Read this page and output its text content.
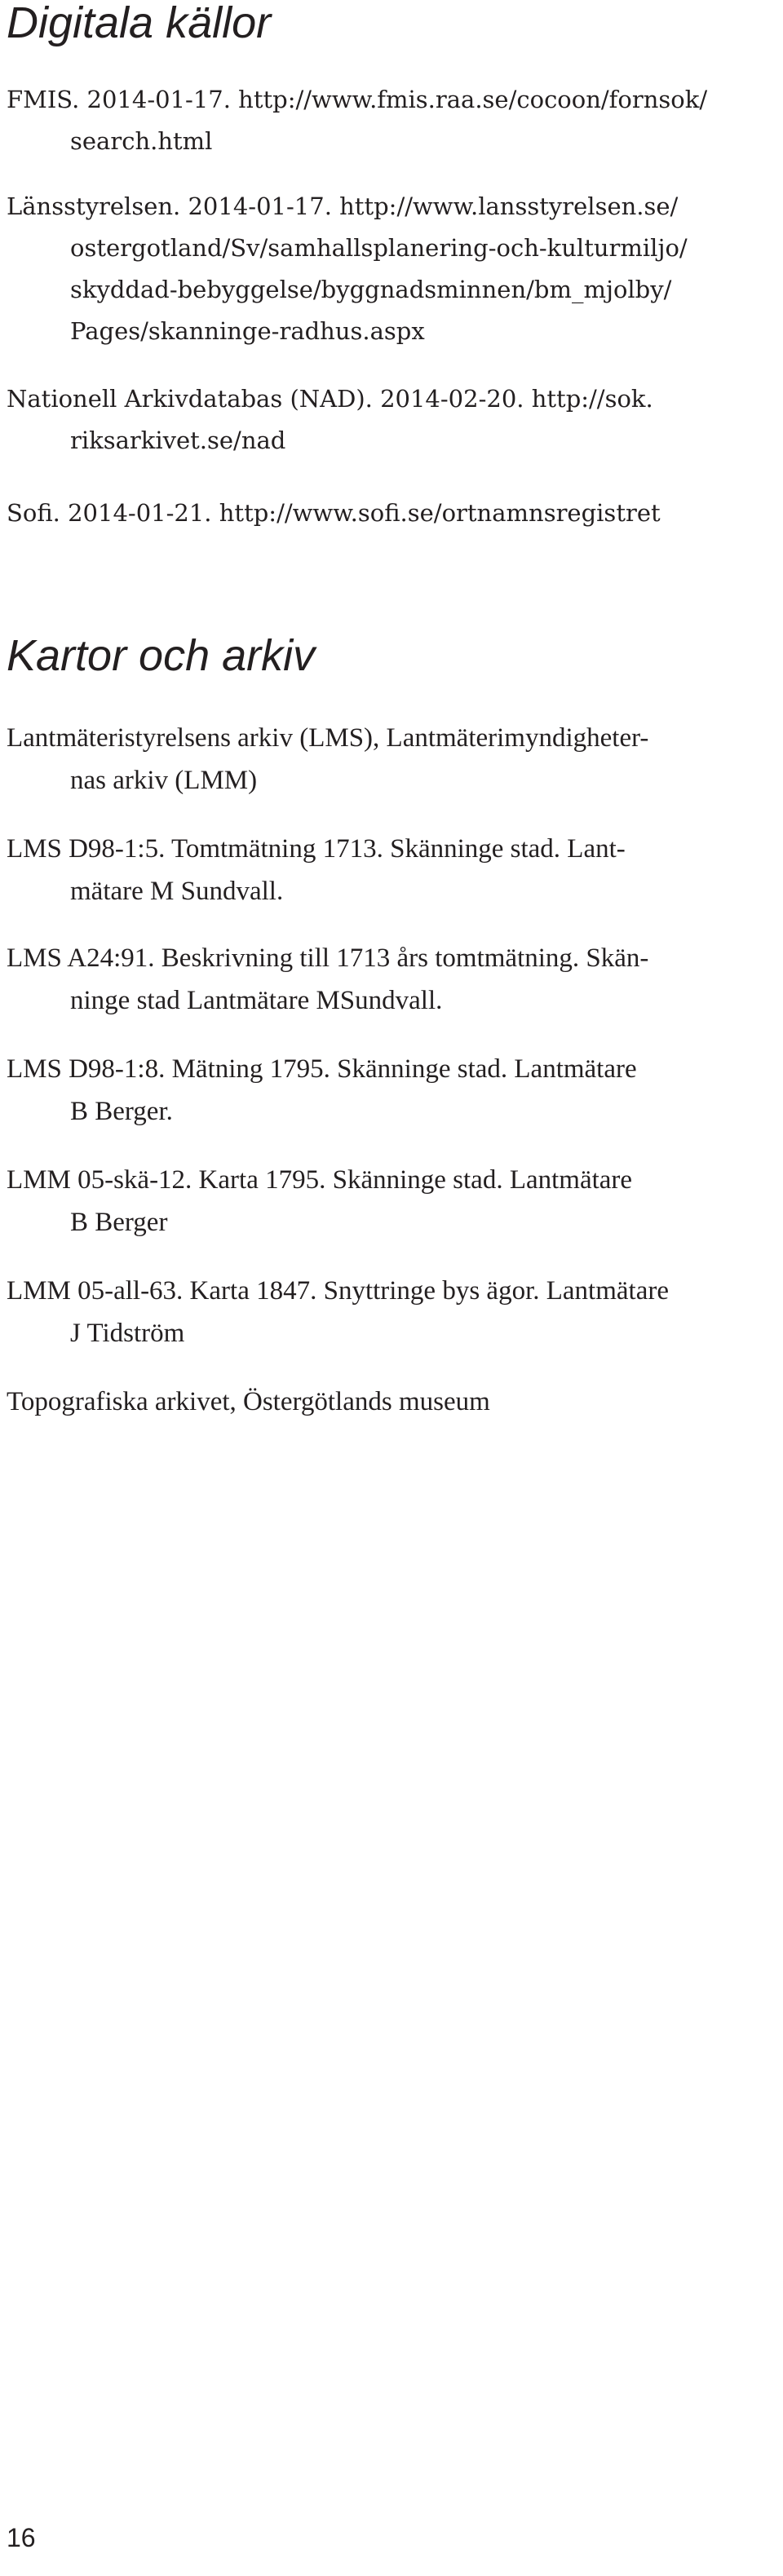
Digitala källor

FMIS. 2014-01-17. http://www.fmis.raa.se/cocoon/fornsok/
search.html

Länsstyrelsen. 2014-01-17. http://www.lansstyrelsen.se/
ostergotland/Sv/samhallsplanering-och-kulturmiljo/
skyddad-bebyggelse/byggnadsminnen/bm_mjolby/
Pages/skanninge-radhus.aspx

Nationell Arkivdatabas (NAD). 2014-02-20. http://sok.
riksarkivet.se/nad

Sofi. 2014-01-21. http://www.sofi.se/ortnamnsregistret

Kartor och arkiv

Lantmäteristyrelsens arkiv (LMS), Lantmäterimyndigheter-
nas arkiv (LMM)

LMS D98-1:5. Tomtmätning 1713. Skänninge stad. Lant-
mätare M Sundvall.

LMS A24:91. Beskrivning till 1713 års tomtmätning. Skän-
ninge stad Lantmätare MSundvall.

LMS D98-1:8. Mätning 1795. Skänninge stad. Lantmätare
B Berger.

LMM 05-skä-12. Karta 1795. Skänninge stad. Lantmätare
B Berger

LMM 05-all-63. Karta 1847. Snyttringe bys ägor. Lantmätare
J Tidström

Topografiska arkivet, Östergötlands museum

16
